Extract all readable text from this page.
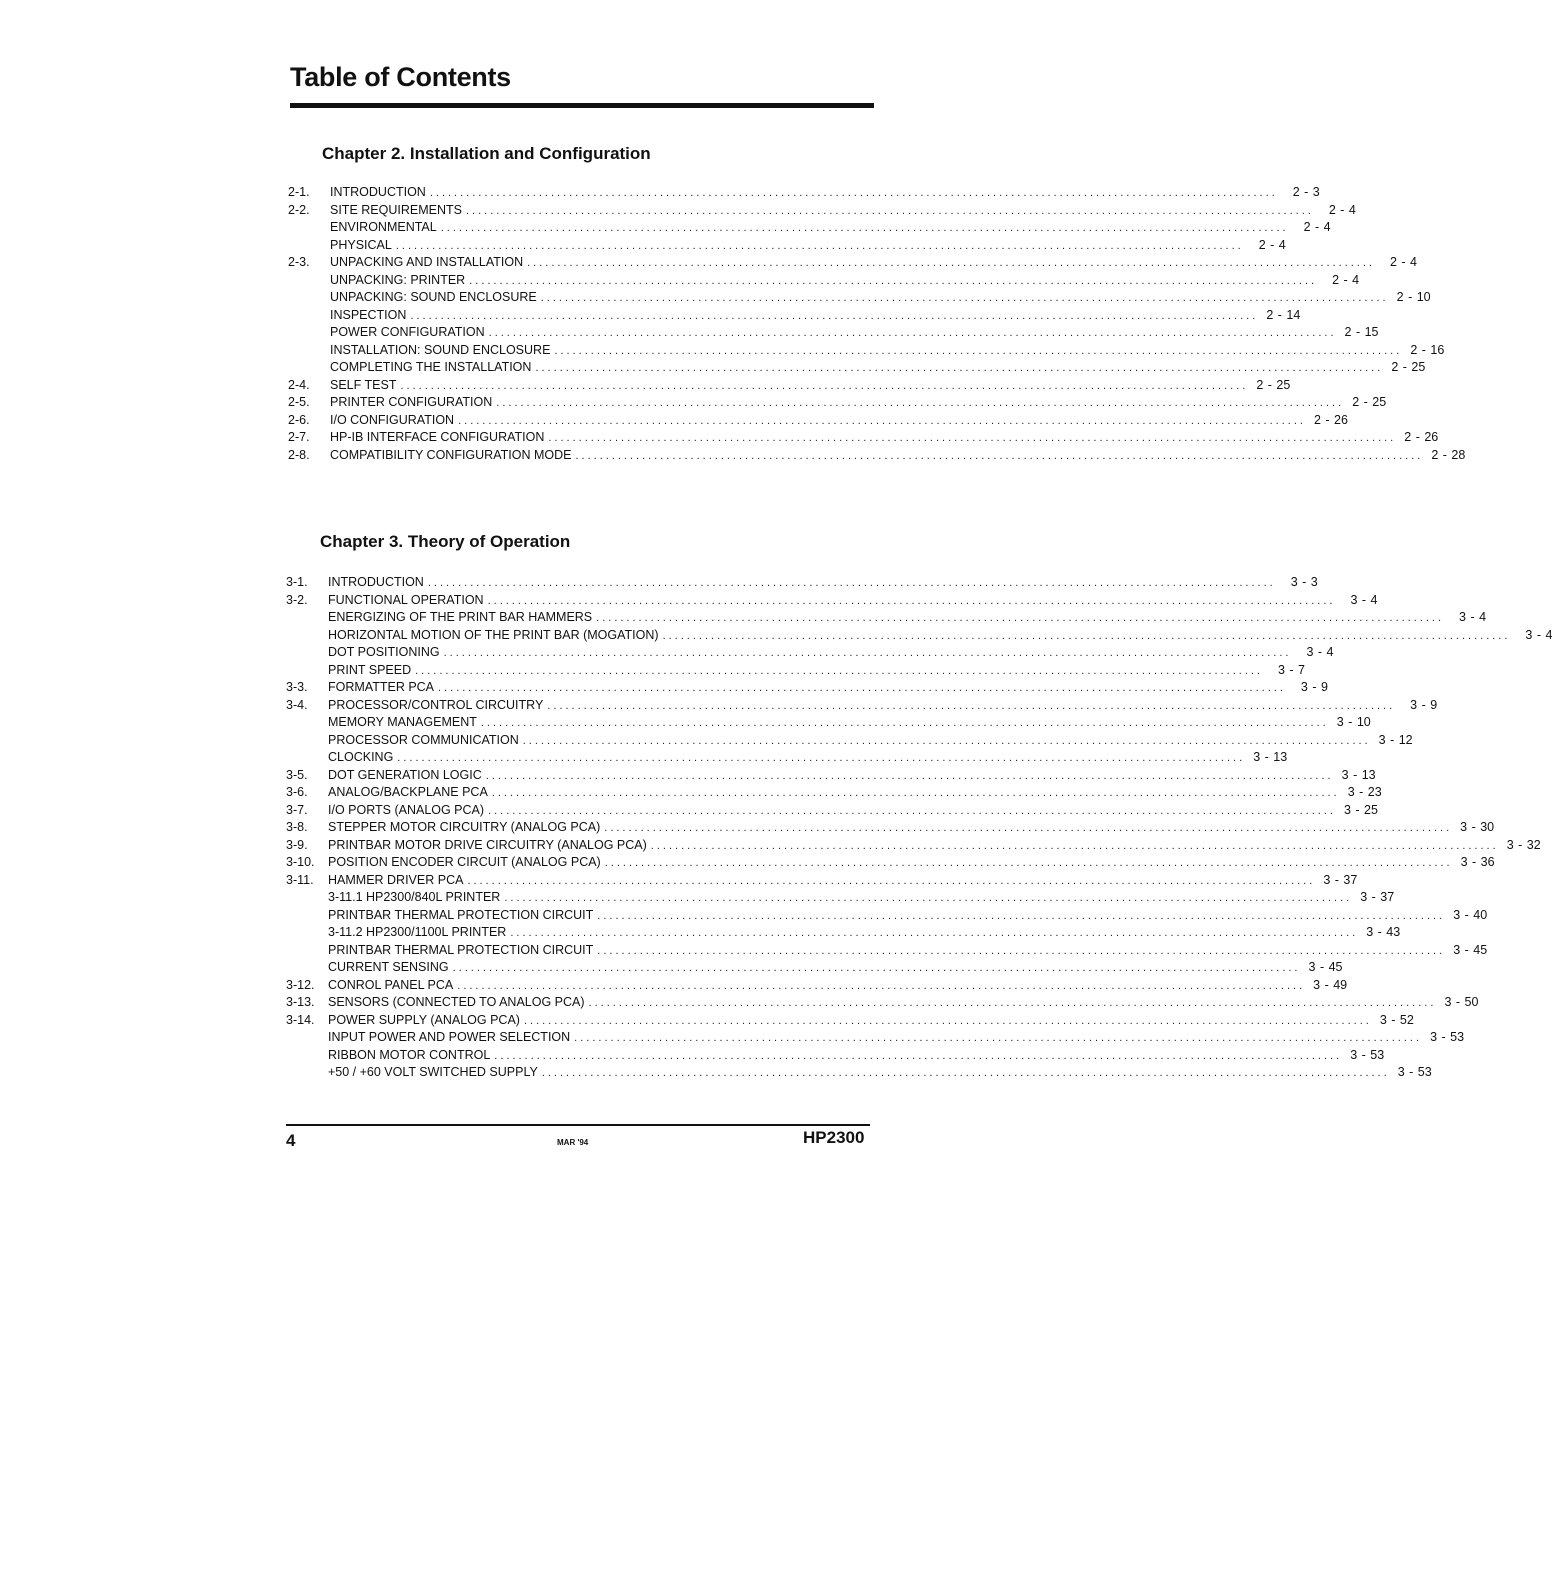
Table of Contents
Chapter 2. Installation and Configuration
2-1.	INTRODUCTION ............................................................................................................................................	2 - 3
2-2.	SITE REQUIREMENTS ............................................................................................................................................	2 - 4
ENVIRONMENTAL ............................................................................................................................................	2 - 4
PHYSICAL ............................................................................................................................................	2 - 4
2-3.	UNPACKING AND INSTALLATION ............................................................................................................................................	2 - 4
UNPACKING: PRINTER ............................................................................................................................................	2 - 4
UNPACKING: SOUND ENCLOSURE ............................................................................................................................................ 2 - 10
INSPECTION ............................................................................................................................................ 2 - 14
POWER CONFIGURATION ............................................................................................................................................ 2 - 15
INSTALLATION: SOUND ENCLOSURE ............................................................................................................................................ 2 - 16
COMPLETING THE INSTALLATION ............................................................................................................................................ 2 - 25
2-4.	SELF TEST ............................................................................................................................................ 2 - 25
2-5.	PRINTER CONFIGURATION ............................................................................................................................................ 2 - 25
2-6.	I/O CONFIGURATION ............................................................................................................................................ 2 - 26
2-7.	HP-IB INTERFACE CONFIGURATION ............................................................................................................................................ 2 - 26
2-8.	COMPATIBILITY CONFIGURATION MODE ............................................................................................................................................ 2 - 28
Chapter 3. Theory of Operation
3-1.	INTRODUCTION ............................................................................................................................................	3 - 3
3-2.	FUNCTIONAL OPERATION ............................................................................................................................................	3 - 4
ENERGIZING OF THE PRINT BAR HAMMERS ............................................................................................................................................	3 - 4
HORIZONTAL MOTION OF THE PRINT BAR (MOGATION) ............................................................................................................................................	3 - 4
DOT POSITIONING ............................................................................................................................................	3 - 4
PRINT SPEED ............................................................................................................................................	3 - 7
3-3.	FORMATTER PCA ............................................................................................................................................	3 - 9
3-4.	PROCESSOR/CONTROL CIRCUITRY ............................................................................................................................................	3 - 9
MEMORY MANAGEMENT ............................................................................................................................................ 3 - 10
PROCESSOR COMMUNICATION ............................................................................................................................................ 3 - 12
CLOCKING ............................................................................................................................................ 3 - 13
3-5.	DOT GENERATION LOGIC ............................................................................................................................................ 3 - 13
3-6.	ANALOG/BACKPLANE PCA ............................................................................................................................................ 3 - 23
3-7.	I/O PORTS (ANALOG PCA) ............................................................................................................................................ 3 - 25
3-8.	STEPPER MOTOR CIRCUITRY (ANALOG PCA) ............................................................................................................................................ 3 - 30
3-9.	PRINTBAR MOTOR DRIVE CIRCUITRY (ANALOG PCA) ............................................................................................................................................ 3 - 32
3-10.	POSITION ENCODER CIRCUIT (ANALOG PCA) ............................................................................................................................................ 3 - 36
3-11.	HAMMER DRIVER PCA ............................................................................................................................................ 3 - 37
3-11.1 HP2300/840L PRINTER ............................................................................................................................................ 3 - 37
PRINTBAR THERMAL PROTECTION CIRCUIT ............................................................................................................................................ 3 - 40
3-11.2 HP2300/1100L PRINTER ............................................................................................................................................ 3 - 43
PRINTBAR THERMAL PROTECTION CIRCUIT ............................................................................................................................................ 3 - 45
CURRENT SENSING ............................................................................................................................................ 3 - 45
3-12.	CONROL PANEL PCA ............................................................................................................................................ 3 - 49
3-13.	SENSORS (CONNECTED TO ANALOG PCA) ............................................................................................................................................ 3 - 50
3-14.	POWER SUPPLY (ANALOG PCA) ............................................................................................................................................ 3 - 52
INPUT POWER AND POWER SELECTION ............................................................................................................................................ 3 - 53
RIBBON MOTOR CONTROL ............................................................................................................................................ 3 - 53
+50 / +60 VOLT SWITCHED SUPPLY ............................................................................................................................................ 3 - 53
4	MAR '94	HP2300
